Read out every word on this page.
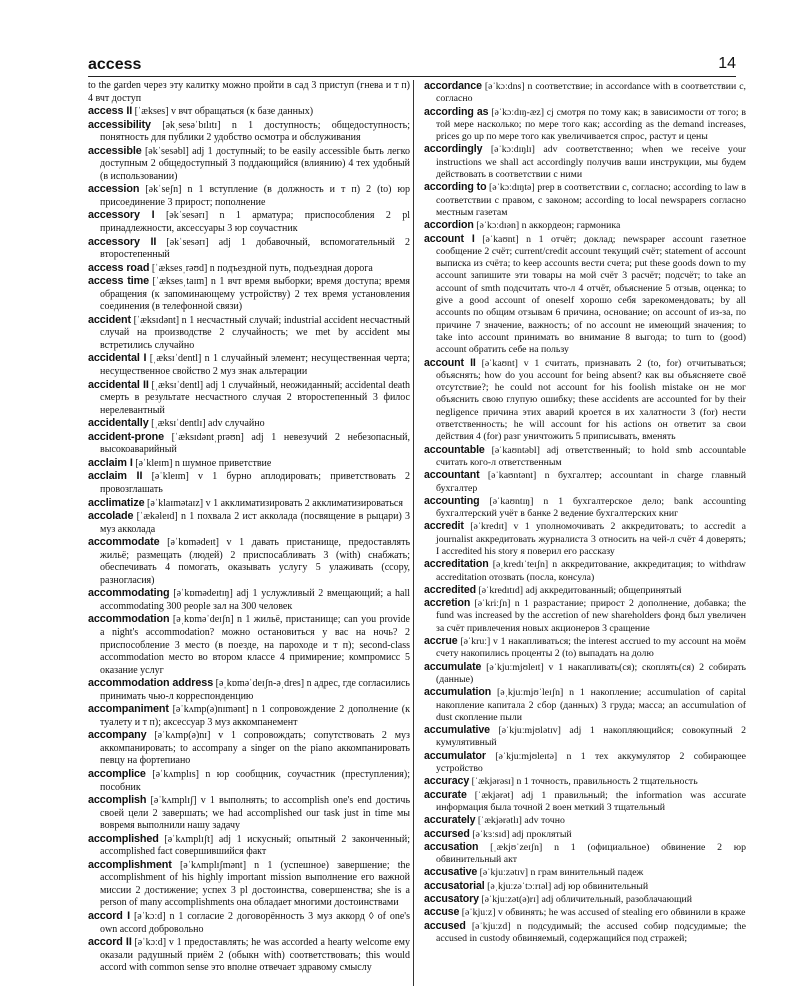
access	14

to the garden через эту калитку можно пройти в сад 3 приступ (гнева и т п) 4 вчт доступ

access II [ˈækses] v вчт обращаться (к базе данных)

accessibility [əkˌsesəˈbɪlɪtɪ] n 1 доступность; общедоступность; понятность для публики 2 удобство осмотра и обслуживания

accessible [əkˈsesəbl] adj 1 доступный; to be easily accessible быть легко доступным 2 общедоступный 3 поддающийся (влиянию) 4 тех удобный (в использовании)

accession [əkˈseʃn] n 1 вступление (в должность и т п) 2 (to) юр присоединение 3 прирост; пополнение

accessory I [əkˈsesərɪ] n 1 арматура; приспособления 2 pl принадлежности, аксессуары 3 юр соучастник

accessory II [əkˈsesərɪ] adj 1 добавочный, вспомогательный 2 второстепенный

access road [ˈæksesˌrəʊd] n подъездной путь, подъездная дорога

access time [ˈæksesˌtaɪm] n 1 вчт время выборки; время доступа; время обращения (к запоминающему устройству) 2 тех время установления соединения (в телефонной связи)

accident [ˈæksɪdənt] n 1 несчастный случай; industrial accident несчастный случай на производстве 2 случайность; we met by accident мы встретились случайно

accidental I [ˌæksɪˈdentl] n 1 случайный элемент; несущественная черта; несущественное свойство 2 муз знак альтерации

accidental II [ˌæksɪˈdentl] adj 1 случайный, неожиданный; accidental death смерть в результате несчастного случая 2 второстепенный 3 филос нерелевантный

accidentally [ˌæksɪˈdentlɪ] adv случайно

accident-prone [ˈæksɪdəntˌprəʊn] adj 1 невезучий 2 небезопасный, высокоаварийный

acclaim I [əˈkleɪm] n шумное приветствие

acclaim II [əˈkleɪm] v 1 бурно аплодировать; приветствовать 2 провозглашать

acclimatize [əˈklaɪmətaɪz] v 1 акклиматизировать 2 акклиматизироваться

accolade [ˈækəleɪd] n 1 похвала 2 ист акколада (посвящение в рыцари) 3 муз акколада

accommodate [əˈkɒmədeɪt] v 1 давать пристанище, предоставлять жильё; размещать (людей) 2 приспосабливать 3 (with) снабжать; обеспечивать 4 помогать, оказывать услугу 5 улаживать (ссору, разногласия)

accommodating [əˈkɒmədeɪtɪŋ] adj 1 услужливый 2 вмещающий; a hall accommodating 300 people зал на 300 человек

accommodation [əˌkɒməˈdeɪʃn] n 1 жильё, пристанище; can you provide a night's accommodation? можно остановиться у вас на ночь? 2 приспособление 3 место (в поезде, на пароходе и т п); second-class accommodation место во втором классе 4 примирение; компромисс 5 оказание услуг

accommodation address [əˌkɒməˈdeɪʃn-əˌdres] n адрес, где согласились принимать чью-л корреспонденцию

accompaniment [əˈkʌmp(ə)nɪmənt] n 1 сопровождение 2 дополнение (к туалету и т п); аксессуар 3 муз аккомпанемент

accompany [əˈkʌmp(ə)nɪ] v 1 сопровождать; сопутствовать 2 муз аккомпанировать; to accompany a singer on the piano аккомпанировать певцу на фортепиано

accomplice [əˈkʌmplɪs] n юр сообщник, соучастник (преступления); пособник

accomplish [əˈkʌmplɪʃ] v 1 выполнять; to accomplish one's end достичь своей цели 2 завершать; we had accomplished our task just in time мы вовремя выполнили нашу задачу

accomplished [əˈkʌmplɪʃt] adj 1 искусный; опытный 2 законченный; accomplished fact совершившийся факт

accomplishment [əˈkʌmplɪʃmənt] n 1 (успешное) завершение; the accomplishment of his highly important mission выполнение его важной миссии 2 достижение; успех 3 pl достоинства, совершенства; she is a person of many accomplishments она обладает многими достоинствами

accord I [əˈkɔːd] n 1 согласие 2 договорённость 3 муз аккорд ◊ of one's own accord добровольно

accord II [əˈkɔːd] v 1 предоставлять; he was accorded a hearty welcome ему оказали радушный приём 2 (обыкн with) соответствовать; this would accord with common sense это вполне отвечает здравому смыслу

accordance [əˈkɔːdns] n соответствие; in accordance with в соответствии с, согласно

according as [əˈkɔːdɪŋ-æz] cj смотря по тому как; в зависимости от того; в той мере насколько; по мере того как; according as the demand increases, prices go up по мере того как увеличивается спрос, растут и цены

accordingly [əˈkɔːdɪŋlɪ] adv соответственно; when we receive your instructions we shall act accordingly получив ваши инструкции, мы будем действовать в соответствии с ними

according to [əˈkɔːdɪŋtə] prep в соответствии с, согласно; according to law в соответствии с правом, с законом; according to local newspapers согласно местным газетам

accordion [əˈkɔːdɪən] n аккордеон; гармоника

account I [əˈkaʊnt] n 1 отчёт; доклад; newspaper account газетное сообщение 2 счёт; current/credit account текущий счёт; statement of account выписка из счёта; to keep accounts вести счета; put these goods down to my account запишите эти товары на мой счёт 3 расчёт; подсчёт; to take an account of smth подсчитать что-л 4 отчёт, объяснение 5 отзыв, оценка; to give a good account of oneself хорошо себя зарекомендовать; by all accounts по общим отзывам 6 причина, основание; on account of из-за, по причине 7 значение, важность; of no account не имеющий значения; to take into account принимать во внимание 8 выгода; to turn to (good) account обратить себе на пользу

account II [əˈkaʊnt] v 1 считать, признавать 2 (to, for) отчитываться; объяснять; how do you account for being absent? как вы объясняете своё отсутствие?; he could not account for his foolish mistake он не мог объяснить свою глупую ошибку; these accidents are accounted for by their negligence причина этих аварий кроется в их халатности 3 (for) нести ответственность; he will account for his actions он ответит за свои действия 4 (for) разг уничтожить 5 приписывать, вменять

accountable [əˈkaʊntəbl] adj ответственный; to hold smb accountable считать кого-л ответственным

accountant [əˈkaʊntənt] n бухгалтер; accountant in charge главный бухгалтер

accounting [əˈkaʊntɪŋ] n 1 бухгалтерское дело; bank accounting бухгалтерский учёт в банке 2 ведение бухгалтерских книг

accredit [əˈkredɪt] v 1 уполномочивать 2 аккредитовать; to accredit a journalist аккредитовать журналиста 3 относить на чей-л счёт 4 доверять; I accredited his story я поверил его рассказу

accreditation [əˌkredɪˈteɪʃn] n аккредитование, аккредитация; to withdraw accreditation отозвать (посла, консула)

accredited [əˈkredɪtɪd] adj аккредитованный; общепринятый

accretion [əˈkriːʃn] n 1 разрастание; прирост 2 дополнение, добавка; the fund was increased by the accretion of new shareholders фонд был увеличен за счёт привлечения новых акционеров 3 сращение

accrue [əˈkruː] v 1 накапливаться; the interest accrued to my account на моём счету накопились проценты 2 (to) выпадать на долю

accumulate [əˈkjuːmjʊleɪt] v 1 накапливать(ся); скоплять(ся) 2 собирать (данные)

accumulation [əˌkjuːmjʊˈleɪʃn] n 1 накопление; accumulation of capital накопление капитала 2 сбор (данных) 3 груда; масса; an accumulation of dust скопление пыли

accumulative [əˈkjuːmjʊlətɪv] adj 1 накопляющийся; совокупный 2 кумулятивный

accumulator [əˈkjuːmjʊleɪtə] n 1 тех аккумулятор 2 собирающее устройство

accuracy [ˈækjərəsɪ] n 1 точность, правильность 2 тщательность

accurate [ˈækjərət] adj 1 правильный; the information was accurate информация была точной 2 воен меткий 3 тщательный

accurately [ˈækjərətlɪ] adv точно

accursed [əˈkɜːsɪd] adj проклятый

accusation [ˌækjʊˈzeɪʃn] n 1 (официальное) обвинение 2 юр обвинительный акт

accusative [əˈkjuːzətɪv] n грам винительный падеж

accusatorial [əˌkjuːzəˈtɔːrɪəl] adj юр обвинительный

accusatory [əˈkjuːzət(ə)rɪ] adj обличительный, разоблачающий

accuse [əˈkjuːz] v обвинять; he was accused of stealing его обвинили в краже

accused [əˈkjuːzd] n подсудимый; the accused собир подсудимые; the accused in custody обвиняемый, содержащийся под стражей;
